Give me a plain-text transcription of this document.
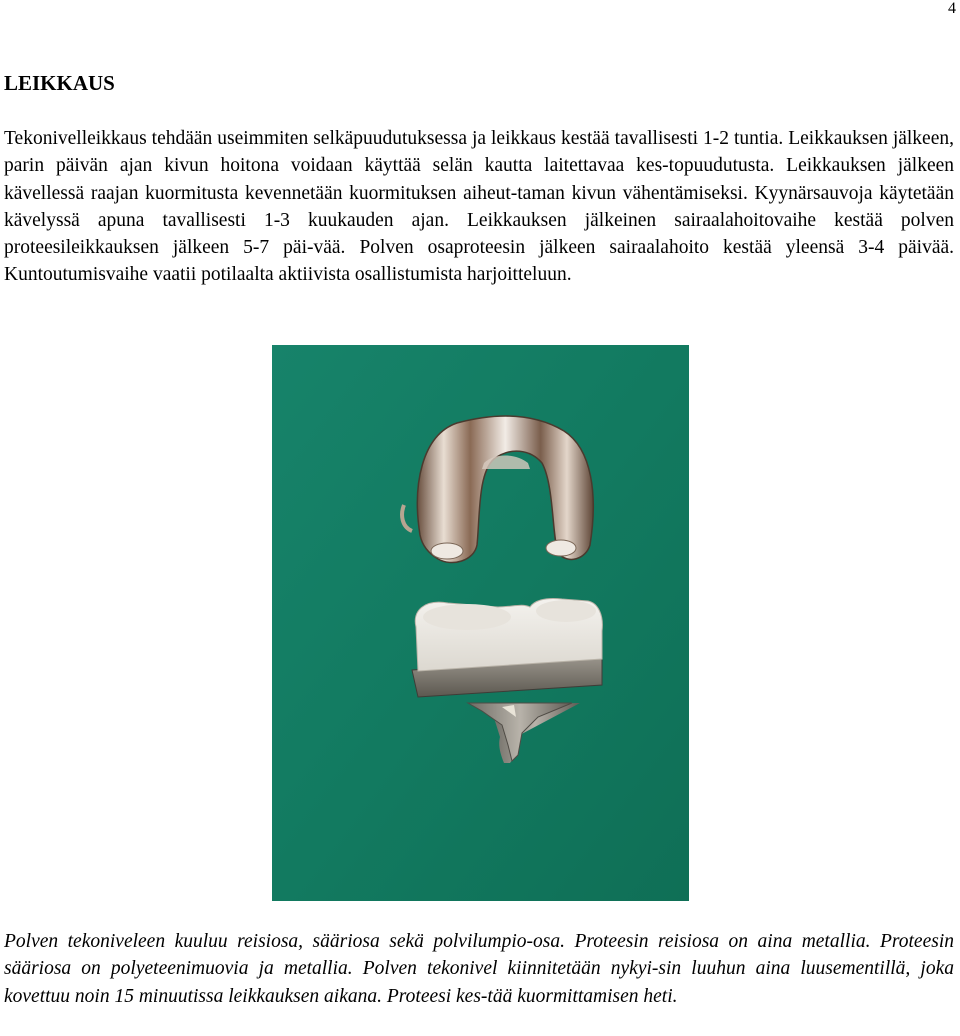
4
LEIKKAUS

Tekonivelleikkaus tehdään useimmiten selkäpuudutuksessa ja leikkaus kestää tavallisesti 1-2 tuntia. Leikkauksen jälkeen, parin päivän ajan kivun hoitona voidaan käyttää selän kautta laitettavaa kes-topuudutusta. Leikkauksen jälkeen kävellessä raajan kuormitusta kevennetään kuormituksen aiheut-taman kivun vähentämiseksi. Kyynärsauvoja käytetään kävelyssä apuna tavallisesti 1-3 kuukauden ajan. Leikkauksen jälkeinen sairaalahoitovaihe kestää polven proteesileikkauksen jälkeen 5-7 päi-vää. Polven osaproteesin jälkeen sairaalahoito kestää yleensä 3-4 päivää. Kuntoutumisvaihe vaatii potilaalta aktiivista osallistumista harjoitteluun.

Polven tekoniveleen kuuluu reisiosa, sääriosa sekä polvilumpio-osa. Proteesin reisiosa on aina metallia. Proteesin sääriosa on polyeteenimuovia ja metallia. Polven tekonivel kiinnitetään nykyi-sin luuhun aina luusementillä, joka kovettuu noin 15 minuutissa leikkauksen aikana. Proteesi kes-tää kuormittamisen heti.
